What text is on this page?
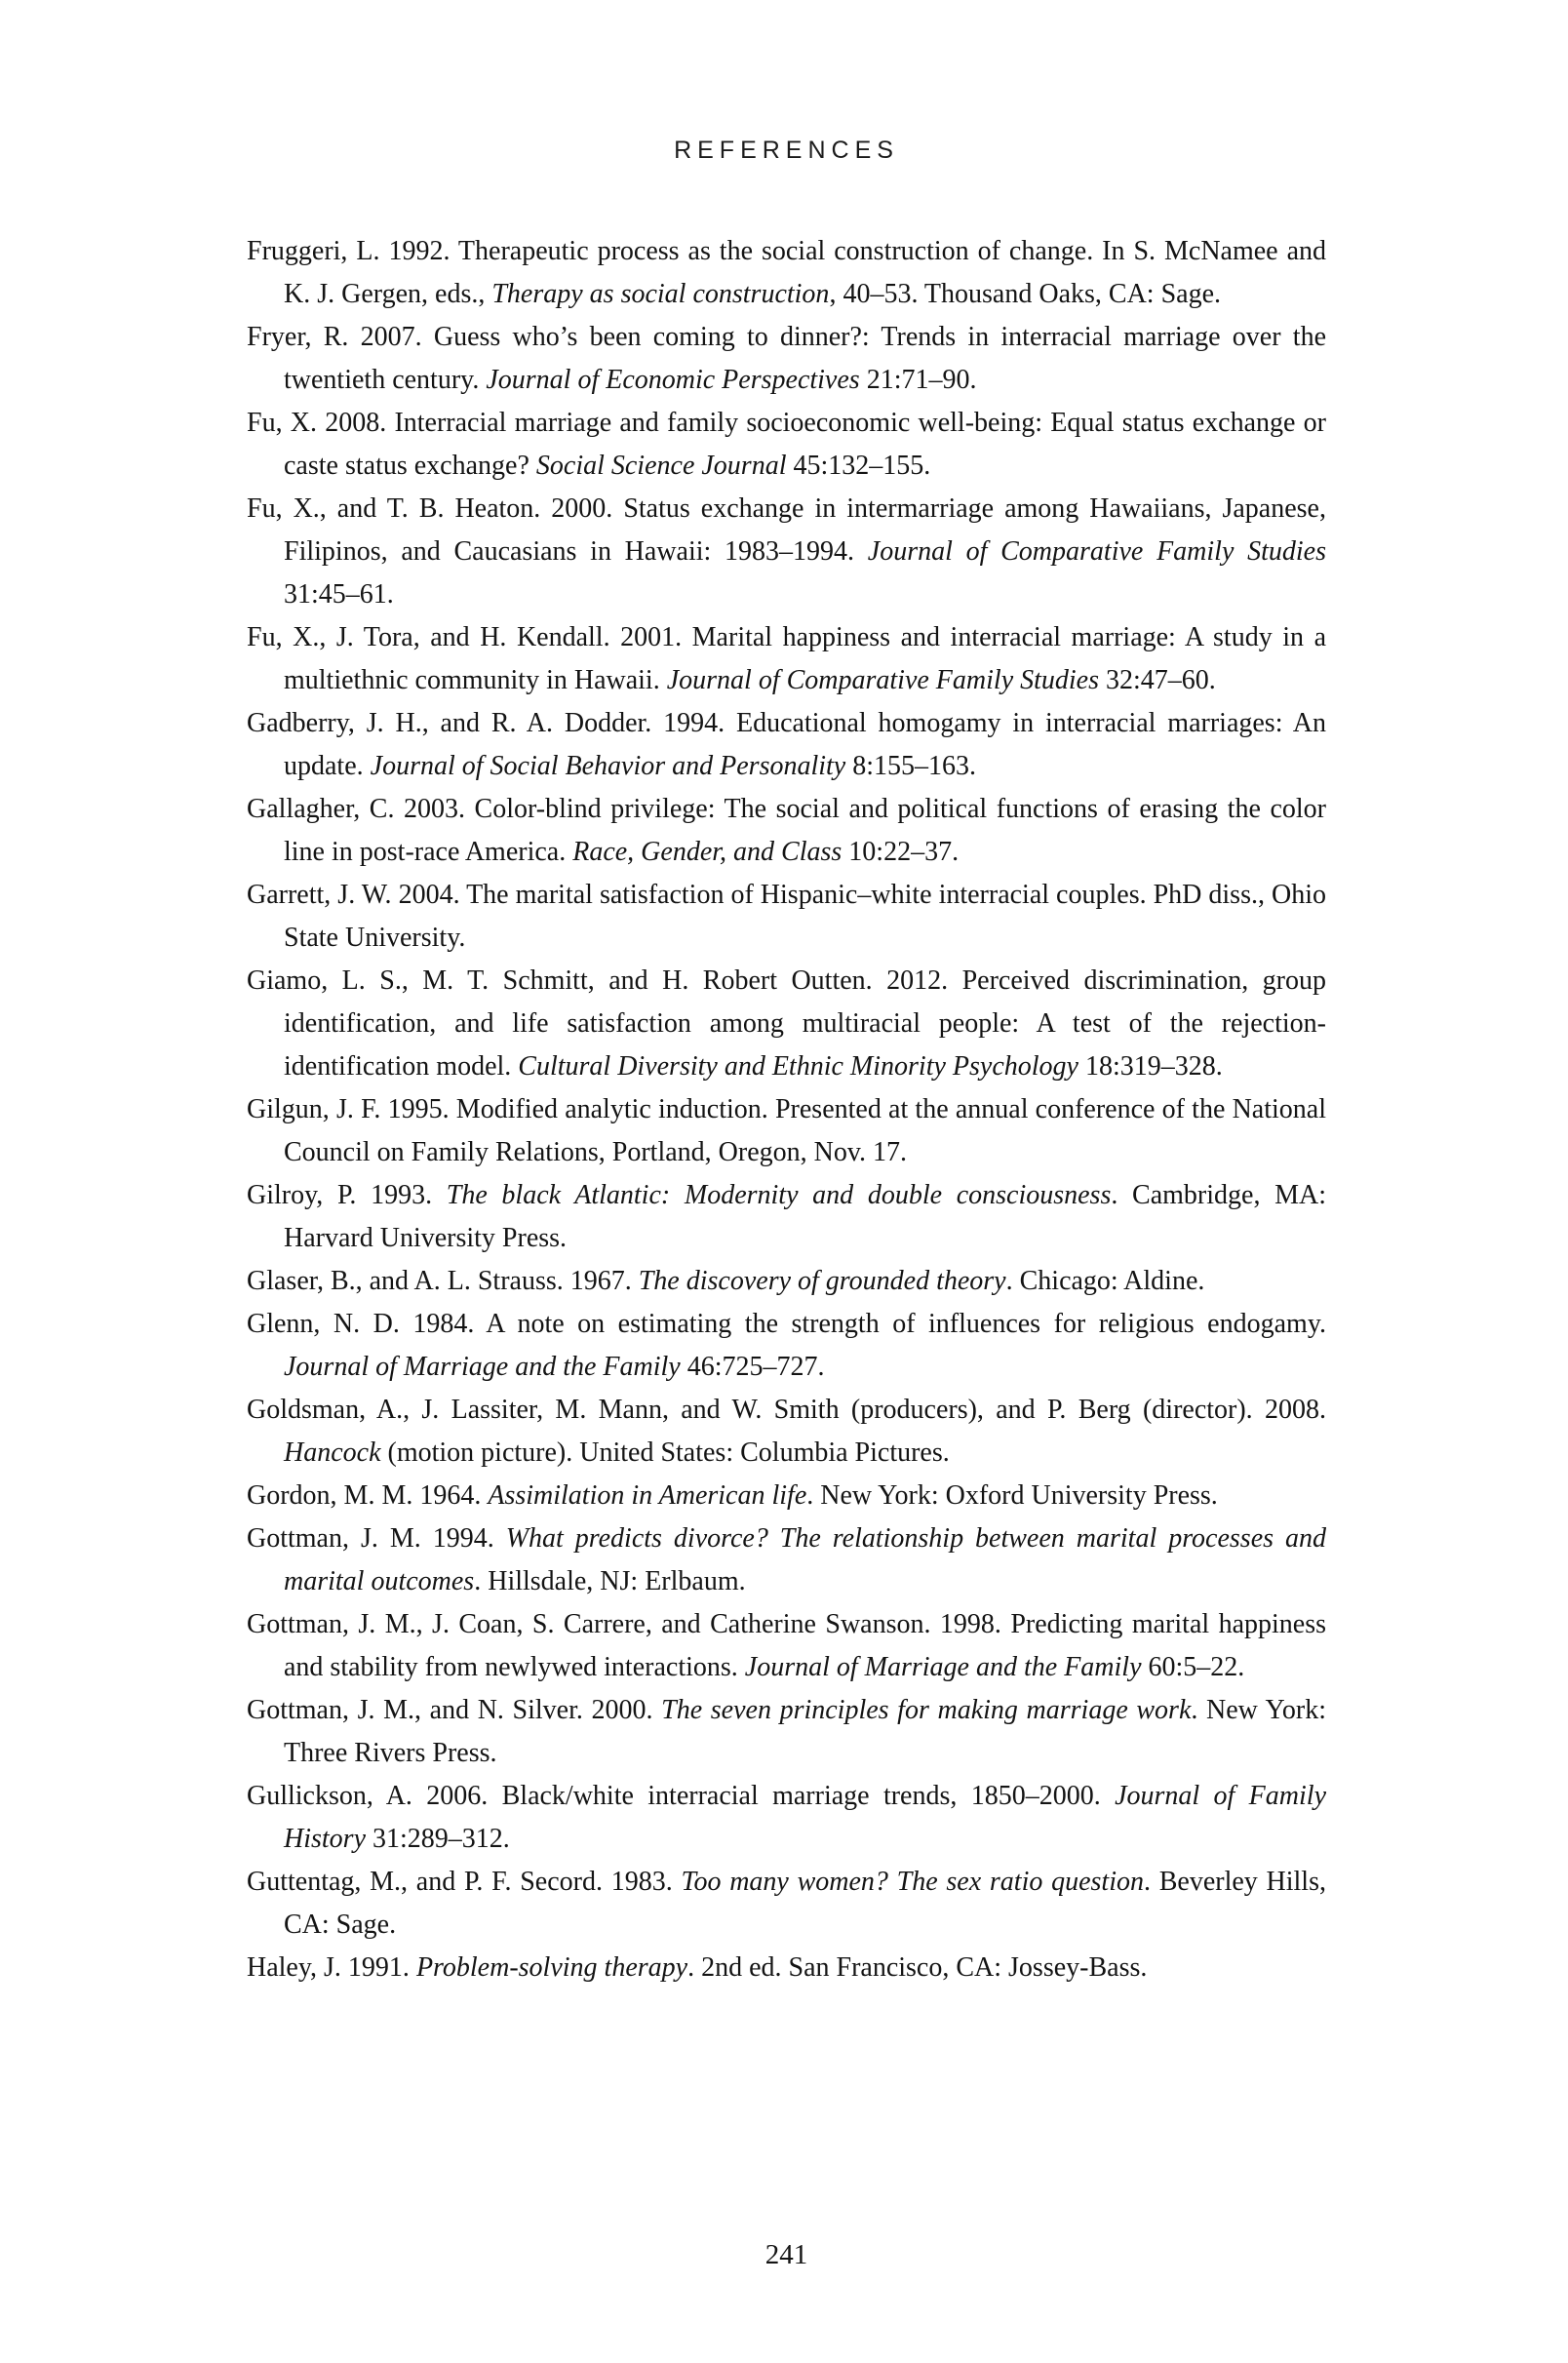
REFERENCES

Fruggeri, L. 1992. Therapeutic process as the social construction of change. In S. McNamee and K. J. Gergen, eds., Therapy as social construction, 40–53. Thousand Oaks, CA: Sage.

Fryer, R. 2007. Guess who’s been coming to dinner?: Trends in interracial marriage over the twentieth century. Journal of Economic Perspectives 21:71–90.

Fu, X. 2008. Interracial marriage and family socioeconomic well-being: Equal status exchange or caste status exchange? Social Science Journal 45:132–155.

Fu, X., and T. B. Heaton. 2000. Status exchange in intermarriage among Hawaiians, Japanese, Filipinos, and Caucasians in Hawaii: 1983–1994. Journal of Comparative Family Studies 31:45–61.

Fu, X., J. Tora, and H. Kendall. 2001. Marital happiness and interracial marriage: A study in a multiethnic community in Hawaii. Journal of Comparative Family Studies 32:47–60.

Gadberry, J. H., and R. A. Dodder. 1994. Educational homogamy in interracial marriages: An update. Journal of Social Behavior and Personality 8:155–163.

Gallagher, C. 2003. Color-blind privilege: The social and political functions of erasing the color line in post-race America. Race, Gender, and Class 10:22–37.

Garrett, J. W. 2004. The marital satisfaction of Hispanic–white interracial couples. PhD diss., Ohio State University.

Giamo, L. S., M. T. Schmitt, and H. Robert Outten. 2012. Perceived discrimination, group identification, and life satisfaction among multiracial people: A test of the rejection-identification model. Cultural Diversity and Ethnic Minority Psychology 18:319–328.

Gilgun, J. F. 1995. Modified analytic induction. Presented at the annual conference of the National Council on Family Relations, Portland, Oregon, Nov. 17.

Gilroy, P. 1993. The black Atlantic: Modernity and double consciousness. Cambridge, MA: Harvard University Press.

Glaser, B., and A. L. Strauss. 1967. The discovery of grounded theory. Chicago: Aldine.

Glenn, N. D. 1984. A note on estimating the strength of influences for religious endogamy. Journal of Marriage and the Family 46:725–727.

Goldsman, A., J. Lassiter, M. Mann, and W. Smith (producers), and P. Berg (director). 2008. Hancock (motion picture). United States: Columbia Pictures.

Gordon, M. M. 1964. Assimilation in American life. New York: Oxford University Press.

Gottman, J. M. 1994. What predicts divorce? The relationship between marital processes and marital outcomes. Hillsdale, NJ: Erlbaum.

Gottman, J. M., J. Coan, S. Carrere, and Catherine Swanson. 1998. Predicting marital happiness and stability from newlywed interactions. Journal of Marriage and the Family 60:5–22.

Gottman, J. M., and N. Silver. 2000. The seven principles for making marriage work. New York: Three Rivers Press.

Gullickson, A. 2006. Black/white interracial marriage trends, 1850–2000. Journal of Family History 31:289–312.

Guttentag, M., and P. F. Secord. 1983. Too many women? The sex ratio question. Beverley Hills, CA: Sage.

Haley, J. 1991. Problem-solving therapy. 2nd ed. San Francisco, CA: Jossey-Bass.

241
